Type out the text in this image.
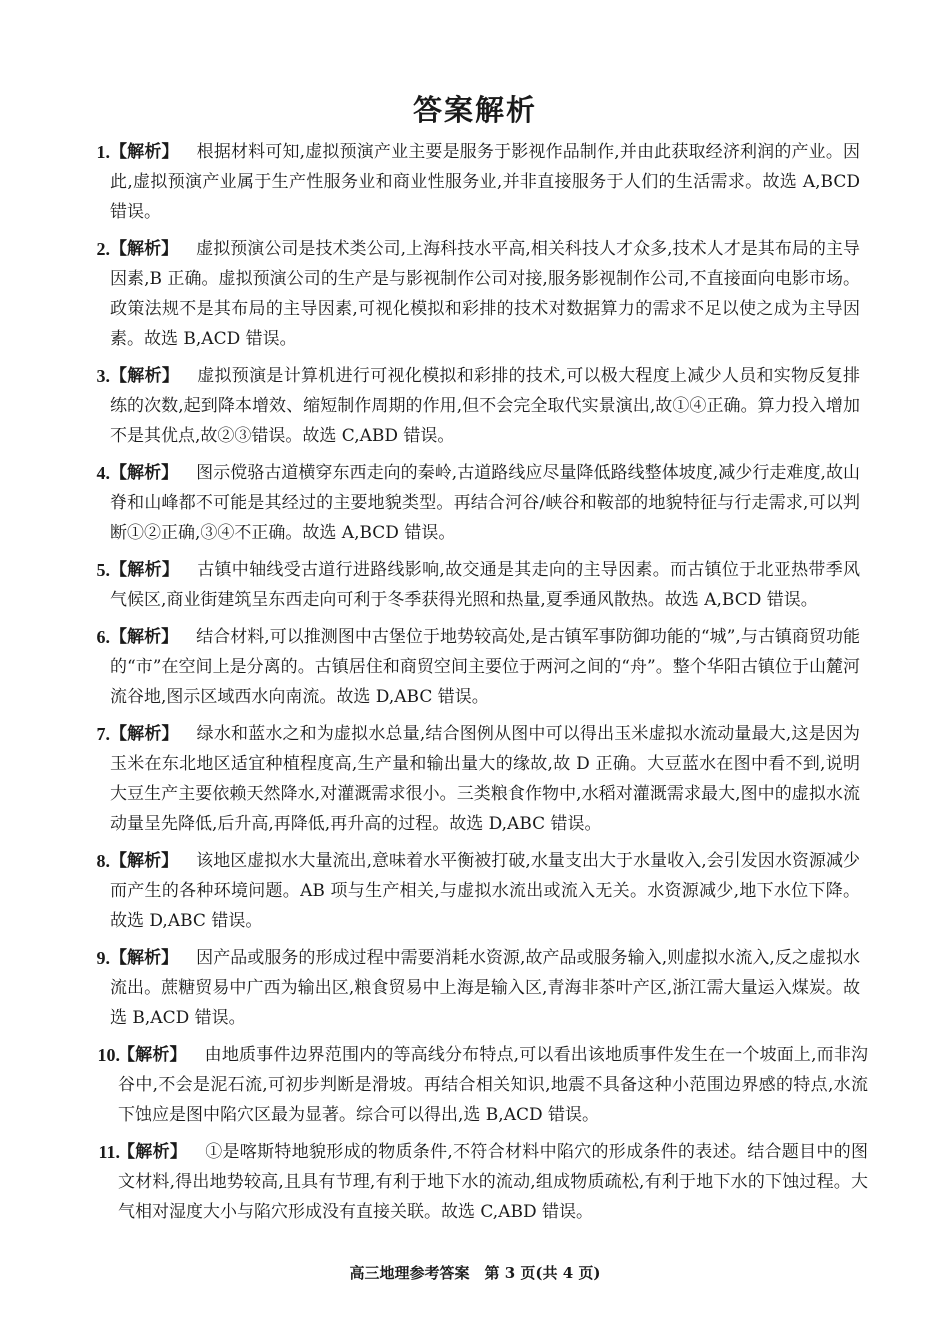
答案解析
1. 【解析】 根据材料可知,虚拟预演产业主要是服务于影视作品制作,并由此获取经济利润的产业。因此,虚拟预演产业属于生产性服务业和商业性服务业,并非直接服务于人们的生活需求。故选 A,BCD 错误。
2. 【解析】 虚拟预演公司是技术类公司,上海科技水平高,相关科技人才众多,技术人才是其布局的主导因素,B 正确。虚拟预演公司的生产是与影视制作公司对接,服务影视制作公司,不直接面向电影市场。政策法规不是其布局的主导因素,可视化模拟和彩排的技术对数据算力的需求不足以使之成为主导因素。故选 B,ACD 错误。
3. 【解析】 虚拟预演是计算机进行可视化模拟和彩排的技术,可以极大程度上减少人员和实物反复排练的次数,起到降本增效、缩短制作周期的作用,但不会完全取代实景演出,故①④正确。算力投入增加不是其优点,故②③错误。故选 C,ABD 错误。
4. 【解析】 图示傥骆古道横穿东西走向的秦岭,古道路线应尽量降低路线整体坡度,减少行走难度,故山脊和山峰都不可能是其经过的主要地貌类型。再结合河谷/峡谷和鞍部的地貌特征与行走需求,可以判断①②正确,③④不正确。故选 A,BCD 错误。
5. 【解析】 古镇中轴线受古道行进路线影响,故交通是其走向的主导因素。而古镇位于北亚热带季风气候区,商业街建筑呈东西走向可利于冬季获得光照和热量,夏季通风散热。故选 A,BCD 错误。
6. 【解析】 结合材料,可以推测图中古堡位于地势较高处,是古镇军事防御功能的“城”,与古镇商贸功能的“市”在空间上是分离的。古镇居住和商贸空间主要位于两河之间的“舟”。整个华阳古镇位于山麓河流谷地,图示区域西水向南流。故选 D,ABC 错误。
7. 【解析】 绿水和蓝水之和为虚拟水总量,结合图例从图中可以得出玉米虚拟水流动量最大,这是因为玉米在东北地区适宜种植程度高,生产量和输出量大的缘故,故 D 正确。大豆蓝水在图中看不到,说明大豆生产主要依赖天然降水,对灌溉需求很小。三类粮食作物中,水稻对灌溉需求最大,图中的虚拟水流动量呈先降低,后升高,再降低,再升高的过程。故选 D,ABC 错误。
8. 【解析】 该地区虚拟水大量流出,意味着水平衡被打破,水量支出大于水量收入,会引发因水资源减少而产生的各种环境问题。AB 项与生产相关,与虚拟水流出或流入无关。水资源减少,地下水位下降。故选 D,ABC 错误。
9. 【解析】 因产品或服务的形成过程中需要消耗水资源,故产品或服务输入,则虚拟水流入,反之虚拟水流出。蔗糖贸易中广西为输出区,粮食贸易中上海是输入区,青海非茶叶产区,浙江需大量运入煤炭。故选 B,ACD 错误。
10.
【解析】 由地质事件边界范围内的等高线分布特点,可以看出该地质事件发生在一个坡面上,而非沟谷中,不会是泥石流,可初步判断是滑坡。再结合相关知识,地震不具备这种小范围边界感的特点,水流下蚀应是图中陷穴区最为显著。综合可以得出,选 B,ACD 错误。
11.
【解析】 ①是喀斯特地貌形成的物质条件,不符合材料中陷穴的形成条件的表述。结合题目中的图文材料,得出地势较高,且具有节理,有利于地下水的流动,组成物质疏松,有利于地下水的下蚀过程。大气相对湿度大小与陷穴形成没有直接关联。故选 C,ABD 错误。
高三地理参考答案　第 3 页(共 4 页)
